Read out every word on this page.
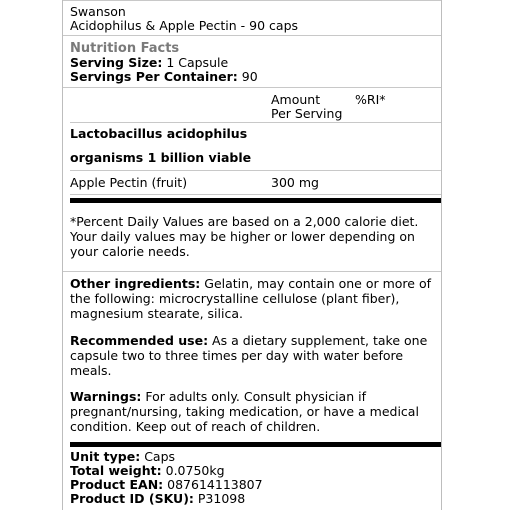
Swanson
Acidophilus & Apple Pectin - 90 caps
Nutrition Facts
Serving Size: 1 Capsule
Servings Per Container: 90
Amount
Per Serving
%RI*
Lactobacillus acidophilus
organisms 1 billion viable
Apple Pectin (fruit)	300 mg
*Percent Daily Values are based on a 2,000 calorie diet.
Your daily values may be higher or lower depending on
your calorie needs.
Other ingredients: Gelatin, may contain one or more of
the following: microcrystalline cellulose (plant fiber),
magnesium stearate, silica.
Recommended use: As a dietary supplement, take one
capsule two to three times per day with water before
meals.
Warnings: For adults only. Consult physician if
pregnant/nursing, taking medication, or have a medical
condition. Keep out of reach of children.
Unit type: Caps
Total weight: 0.0750kg
Product EAN: 087614113807
Product ID (SKU): P31098
